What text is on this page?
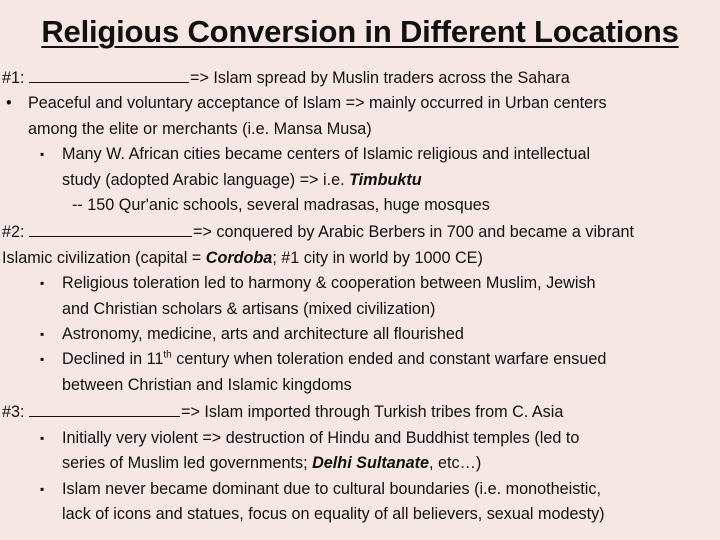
Religious Conversion in Different Locations
#1:	=> Islam spread by Muslin traders across the Sahara
• Peaceful and voluntary acceptance of Islam => mainly occurred in Urban centers
among the elite or merchants (i.e. Mansa Musa)
▪ Many W. African cities became centers of Islamic religious and intellectual
study (adopted Arabic language) => i.e. Timbuktu
-- 150 Qur'anic schools, several madrasas, huge mosques
#2:	=> conquered by Arabic Berbers in 700 and became a vibrant
Islamic civilization (capital = Cordoba; #1 city in world by 1000 CE)
▪ Religious toleration led to harmony & cooperation between Muslim, Jewish
and Christian scholars & artisans (mixed civilization)
▪ Astronomy, medicine, arts and architecture all flourished
▪ Declined in 11th century when toleration ended and constant warfare ensued
between Christian and Islamic kingdoms
#3:	=> Islam imported through Turkish tribes from C. Asia
▪ Initially very violent => destruction of Hindu and Buddhist temples (led to
series of Muslim led governments; Delhi Sultanate, etc…)
▪ Islam never became dominant due to cultural boundaries (i.e. monotheistic,
lack of icons and statues, focus on equality of all believers, sexual modesty)
